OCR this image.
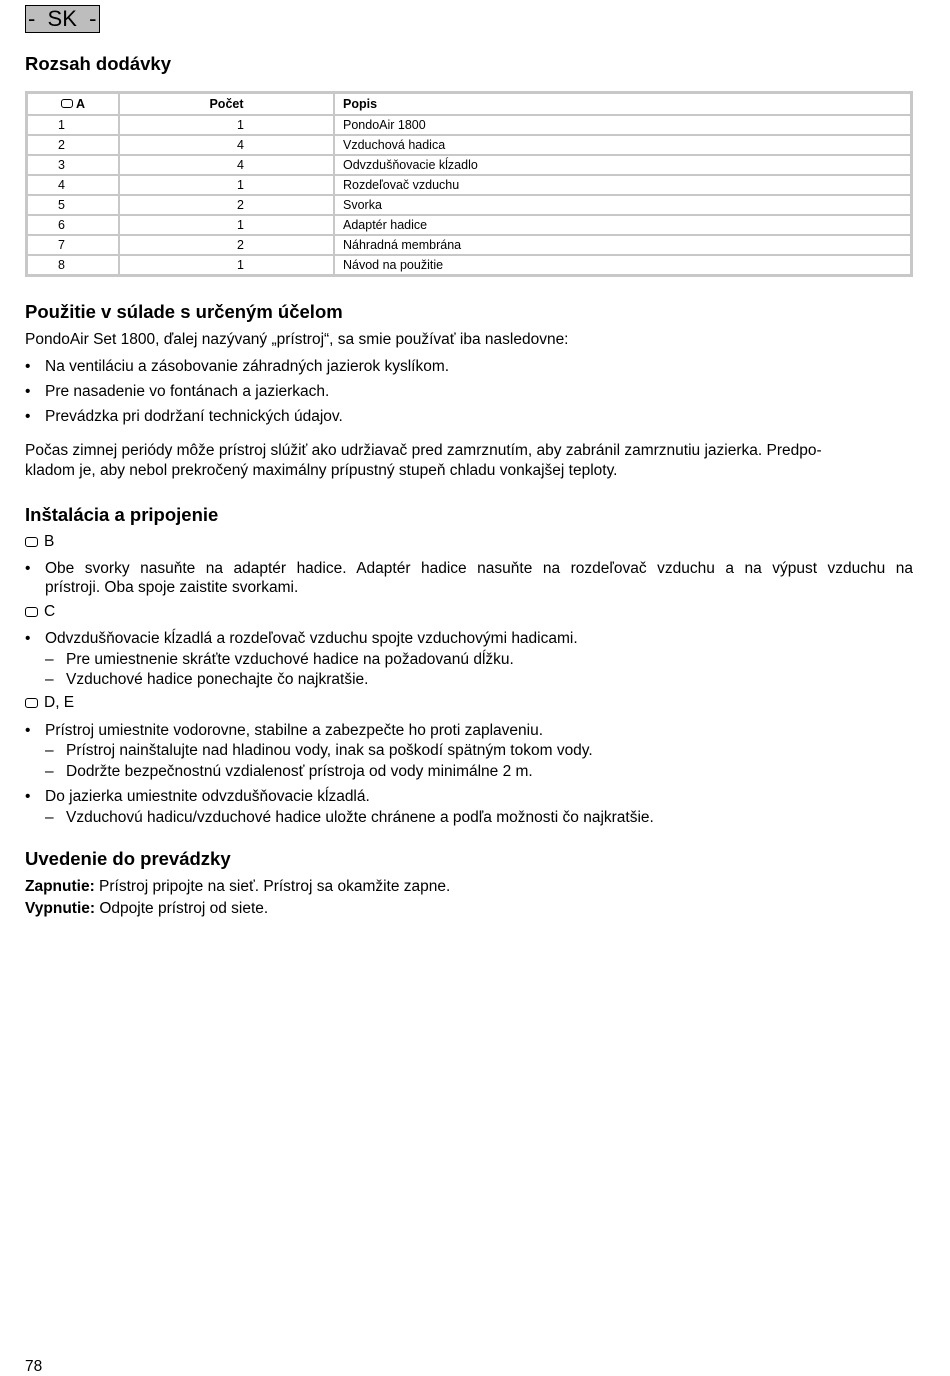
-  SK  -
Rozsah dodávky
A	Počet	Popis
1	1	PondoAir 1800
2	4	Vzduchová hadica
3	4	Odvzdušňovacie kĺzadlo
4	1	Rozdeľovač vzduchu
5	2	Svorka
6	1	Adaptér hadice
7	2	Náhradná membrána
8	1	Návod na použitie
Použitie v súlade s určeným účelom

PondoAir Set 1800, ďalej nazývaný „prístroj“, sa smie používať iba nasledovne:

• Na ventiláciu a zásobovanie záhradných jazierok kyslíkom.
• Pre nasadenie vo fontánach a jazierkach.
• Prevádzka pri dodržaní technických údajov.

Počas zimnej periódy môže prístroj slúžiť ako udržiavač pred zamrznutím, aby zabránil zamrznutiu jazierka. Predpo-

kladom je, aby nebol prekročený maximálny prípustný stupeň chladu vonkajšej teploty.

Inštalácia a pripojenie
B
• Obe svorky nasuňte na adaptér hadice. Adaptér hadice nasuňte na rozdeľovač vzduchu a na výpust vzduchu na
prístroji. Oba spoje zaistite svorkami.
C
• Odvzdušňovacie kĺzadlá a rozdeľovač vzduchu spojte vzduchovými hadicami.
– Pre umiestnenie skráťte vzduchové hadice na požadovanú dĺžku.
– Vzduchové hadice ponechajte čo najkratšie.
D, E
• Prístroj umiestnite vodorovne, stabilne a zabezpečte ho proti zaplaveniu.
– Prístroj nainštalujte nad hladinou vody, inak sa poškodí spätným tokom vody.
– Dodržte bezpečnostnú vzdialenosť prístroja od vody minimálne 2 m.
• Do jazierka umiestnite odvzdušňovacie kĺzadlá.
– Vzduchovú hadicu/vzduchové hadice uložte chránene a podľa možnosti čo najkratšie.
Uvedenie do prevádzky

Zapnutie: Prístroj pripojte na sieť. Prístroj sa okamžite zapne.

Vypnutie: Odpojte prístroj od siete.

78
